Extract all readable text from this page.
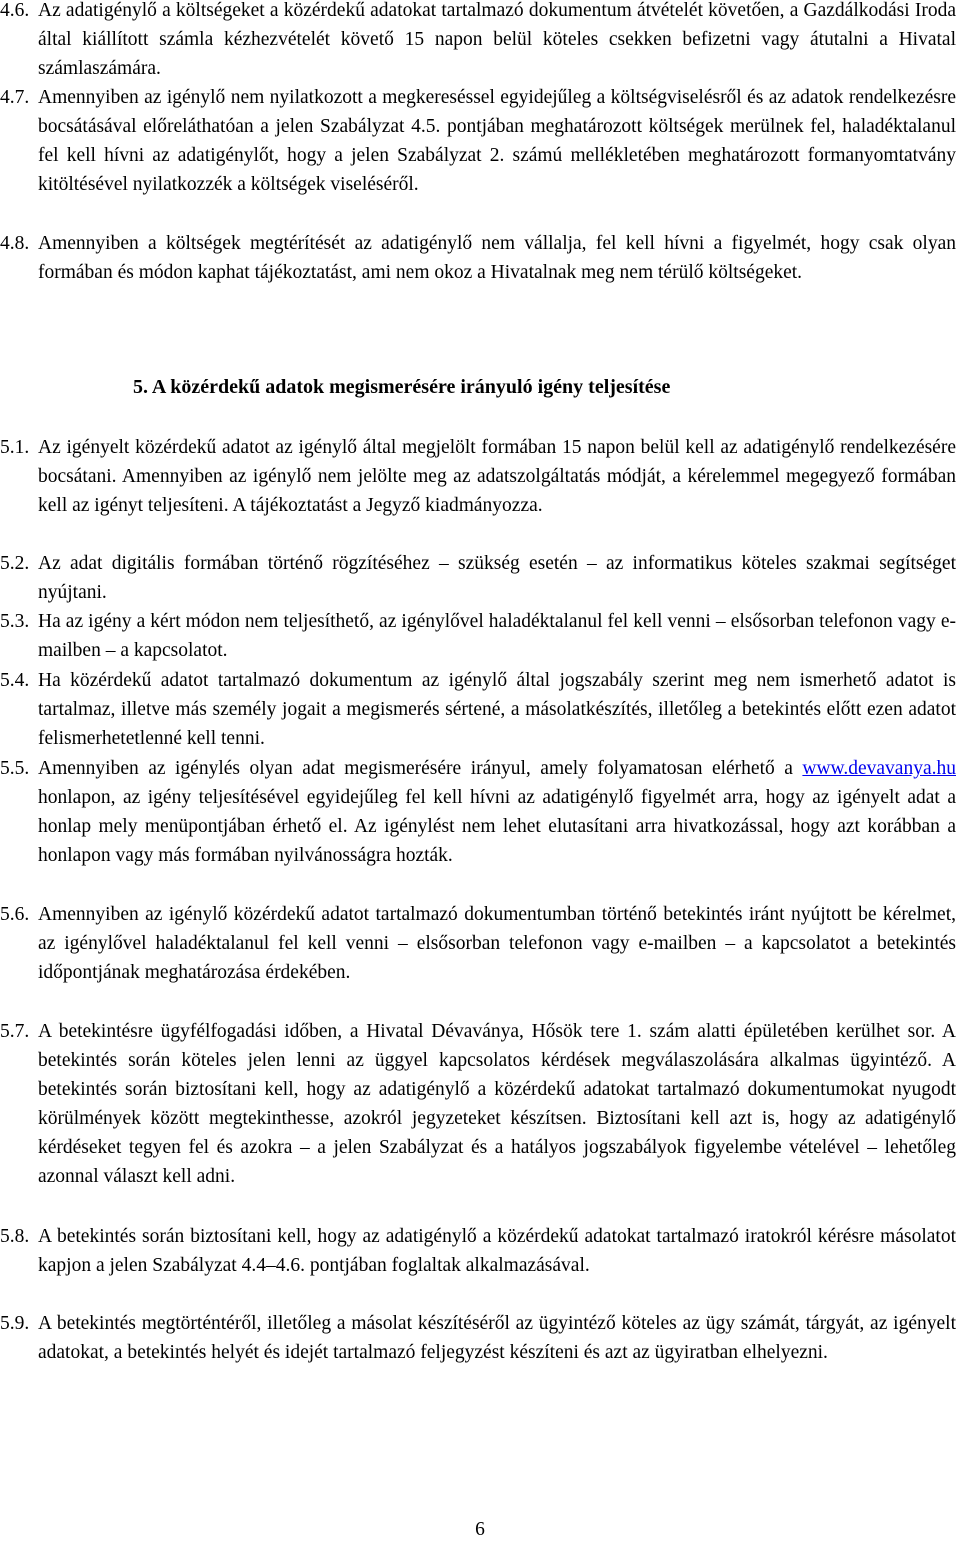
4.6. Az adatigénylő a költségeket a közérdekű adatokat tartalmazó dokumentum átvételét követően, a Gazdálkodási Iroda által kiállított számla kézhezvételét követő 15 napon belül köteles csekken befizetni vagy átutalni a Hivatal számlaszámára.
4.7. Amennyiben az igénylő nem nyilatkozott a megkereséssel egyidejűleg a költségviselésről és az adatok rendelkezésre bocsátásával előreláthatóan a jelen Szabályzat 4.5. pontjában meghatározott költségek merülnek fel, haladéktalanul fel kell hívni az adatigénylőt, hogy a jelen Szabályzat 2. számú mellékletében meghatározott formanyomtatvány kitöltésével nyilatkozzék a költségek viseléséről.
4.8. Amennyiben a költségek megtérítését az adatigénylő nem vállalja, fel kell hívni a figyelmét, hogy csak olyan formában és módon kaphat tájékoztatást, ami nem okoz a Hivatalnak meg nem térülő költségeket.
5. A közérdekű adatok megismerésére irányuló igény teljesítése
5.1. Az igényelt közérdekű adatot az igénylő által megjelölt formában 15 napon belül kell az adatigénylő rendelkezésére bocsátani. Amennyiben az igénylő nem jelölte meg az adatszolgáltatás módját, a kérelemmel megegyező formában kell az igényt teljesíteni. A tájékoztatást a Jegyző kiadmányozza.
5.2. Az adat digitális formában történő rögzítéséhez – szükség esetén – az informatikus köteles szakmai segítséget nyújtani.
5.3. Ha az igény a kért módon nem teljesíthető, az igénylővel haladéktalanul fel kell venni – elsősorban telefonon vagy e-mailben – a kapcsolatot.
5.4. Ha közérdekű adatot tartalmazó dokumentum az igénylő által jogszabály szerint meg nem ismerhető adatot is tartalmaz, illetve más személy jogait a megismerés sértené, a másolatkészítés, illetőleg a betekintés előtt ezen adatot felismerhetetlenné kell tenni.
5.5. Amennyiben az igénylés olyan adat megismerésére irányul, amely folyamatosan elérhető a www.devavanya.hu honlapon, az igény teljesítésével egyidejűleg fel kell hívni az adatigénylő figyelmét arra, hogy az igényelt adat a honlap mely menüpontjában érhető el. Az igénylést nem lehet elutasítani arra hivatkozással, hogy azt korábban a honlapon vagy más formában nyilvánosságra hozták.
5.6. Amennyiben az igénylő közérdekű adatot tartalmazó dokumentumban történő betekintés iránt nyújtott be kérelmet, az igénylővel haladéktalanul fel kell venni – elsősorban telefonon vagy e-mailben – a kapcsolatot a betekintés időpontjának meghatározása érdekében.
5.7. A betekintésre ügyfélfogadási időben, a Hivatal Dévaványa, Hősök tere 1. szám alatti épületében kerülhet sor. A betekintés során köteles jelen lenni az üggyel kapcsolatos kérdések megválaszolására alkalmas ügyintéző. A betekintés során biztosítani kell, hogy az adatigénylő a közérdekű adatokat tartalmazó dokumentumokat nyugodt körülmények között megtekinthesse, azokról jegyzeteket készítsen. Biztosítani kell azt is, hogy az adatigénylő kérdéseket tegyen fel és azokra – a jelen Szabályzat és a hatályos jogszabályok figyelembe vételével – lehetőleg azonnal választ kell adni.
5.8. A betekintés során biztosítani kell, hogy az adatigénylő a közérdekű adatokat tartalmazó iratokról kérésre másolatot kapjon a jelen Szabályzat 4.4–4.6. pontjában foglaltak alkalmazásával.
5.9. A betekintés megtörténtéről, illetőleg a másolat készítéséről az ügyintéző köteles az ügy számát, tárgyát, az igényelt adatokat, a betekintés helyét és idejét tartalmazó feljegyzést készíteni és azt az ügyiratban elhelyezni.
6
